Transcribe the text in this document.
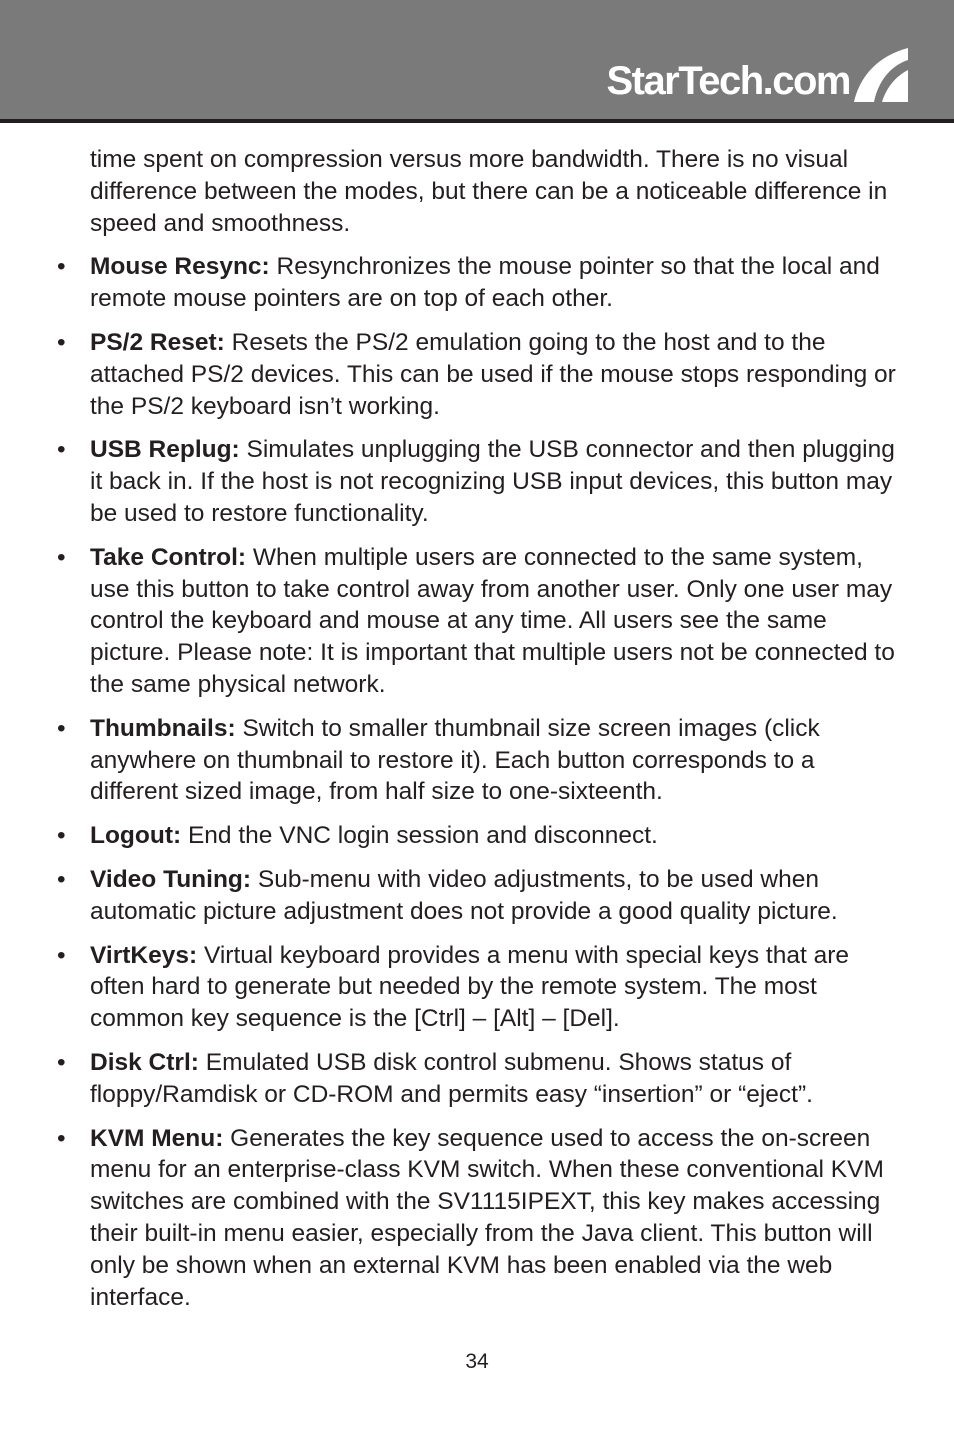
StarTech.com

time spent on compression versus more bandwidth. There is no visual difference between the modes, but there can be a noticeable difference in speed and smoothness.

• Mouse Resync: Resynchronizes the mouse pointer so that the local and remote mouse pointers are on top of each other.
• PS/2 Reset: Resets the PS/2 emulation going to the host and to the attached PS/2 devices. This can be used if the mouse stops responding or the PS/2 keyboard isn’t working.
• USB Replug: Simulates unplugging the USB connector and then plugging it back in. If the host is not recognizing USB input devices, this button may be used to restore functionality.
• Take Control: When multiple users are connected to the same system, use this button to take control away from another user. Only one user may control the keyboard and mouse at any time. All users see the same picture. Please note: It is important that multiple users not be connected to the same physical network.
• Thumbnails: Switch to smaller thumbnail size screen images (click anywhere on thumbnail to restore it). Each button corresponds to a different sized image, from half size to one-sixteenth.
• Logout: End the VNC login session and disconnect.
• Video Tuning: Sub-menu with video adjustments, to be used when automatic picture adjustment does not provide a good quality picture.
• VirtKeys: Virtual keyboard provides a menu with special keys that are often hard to generate but needed by the remote system. The most common key sequence is the [Ctrl] – [Alt] – [Del].
• Disk Ctrl: Emulated USB disk control submenu. Shows status of floppy/Ramdisk or CD-ROM and permits easy “insertion” or “eject”.
• KVM Menu: Generates the key sequence used to access the on-screen menu for an enterprise-class KVM switch. When these conventional KVM switches are combined with the SV1115IPEXT, this key makes accessing their built-in menu easier, especially from the Java client. This button will only be shown when an external KVM has been enabled via the web interface.
34
